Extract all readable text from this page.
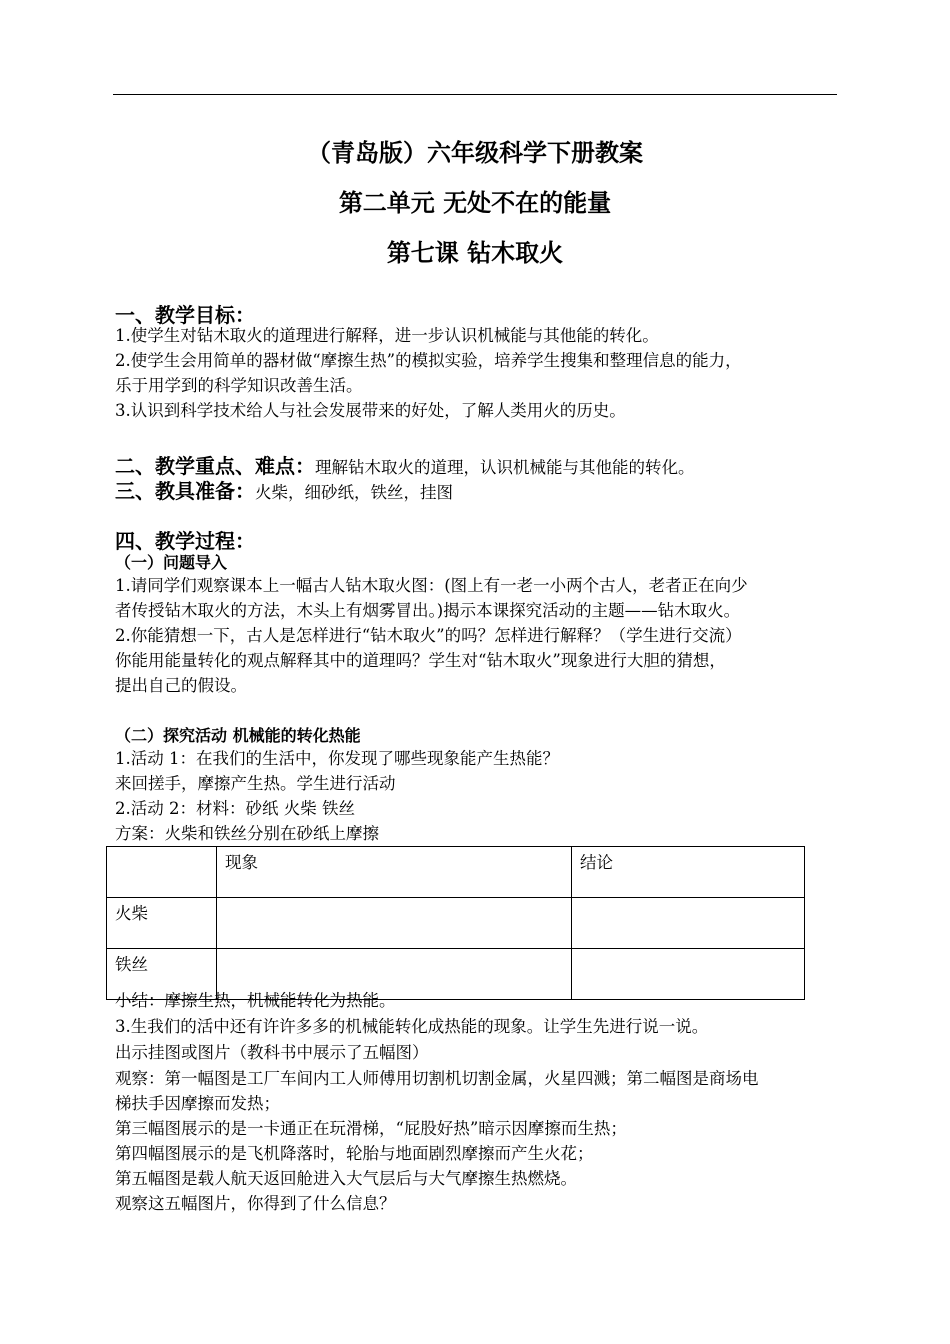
（青岛版）六年级科学下册教案
第二单元 无处不在的能量
第七课 钻木取火
一、教学目标：
1.使学生对钻木取火的道理进行解释，进一步认识机械能与其他能的转化。
2.使学生会用简单的器材做“摩擦生热”的模拟实验，培养学生搜集和整理信息的能力，
乐于用学到的科学知识改善生活。
3.认识到科学技术给人与社会发展带来的好处，了解人类用火的历史。
二、教学重点、难点：理解钻木取火的道理，认识机械能与其他能的转化。
三、教具准备：火柴，细砂纸，铁丝，挂图
四、教学过程：
（一）问题导入
1.请同学们观察课本上一幅古人钻木取火图：(图上有一老一小两个古人，老者正在向少
者传授钻木取火的方法，木头上有烟雾冒出。)揭示本课探究活动的主题——钻木取火。
2.你能猜想一下，古人是怎样进行“钻木取火”的吗？怎样进行解释？（学生进行交流）
你能用能量转化的观点解释其中的道理吗？学生对“钻木取火”现象进行大胆的猜想，
提出自己的假设。
（二）探究活动 机械能的转化热能
1.活动 1：在我们的生活中，你发现了哪些现象能产生热能？
来回搓手，摩擦产生热。学生进行活动
2.活动 2：材料：砂纸 火柴 铁丝
方案：火柴和铁丝分别在砂纸上摩擦
	现象	结论
火柴		
铁丝		
小结：摩擦生热，机械能转化为热能。
3.生我们的活中还有许许多多的机械能转化成热能的现象。让学生先进行说一说。
出示挂图或图片（教科书中展示了五幅图）
观察：第一幅图是工厂车间内工人师傅用切割机切割金属，火星四溅；第二幅图是商场电
梯扶手因摩擦而发热；
第三幅图展示的是一卡通正在玩滑梯，“屁股好热”暗示因摩擦而生热；
第四幅图展示的是飞机降落时，轮胎与地面剧烈摩擦而产生火花；
第五幅图是载人航天返回舱进入大气层后与大气摩擦生热燃烧。
观察这五幅图片，你得到了什么信息？
